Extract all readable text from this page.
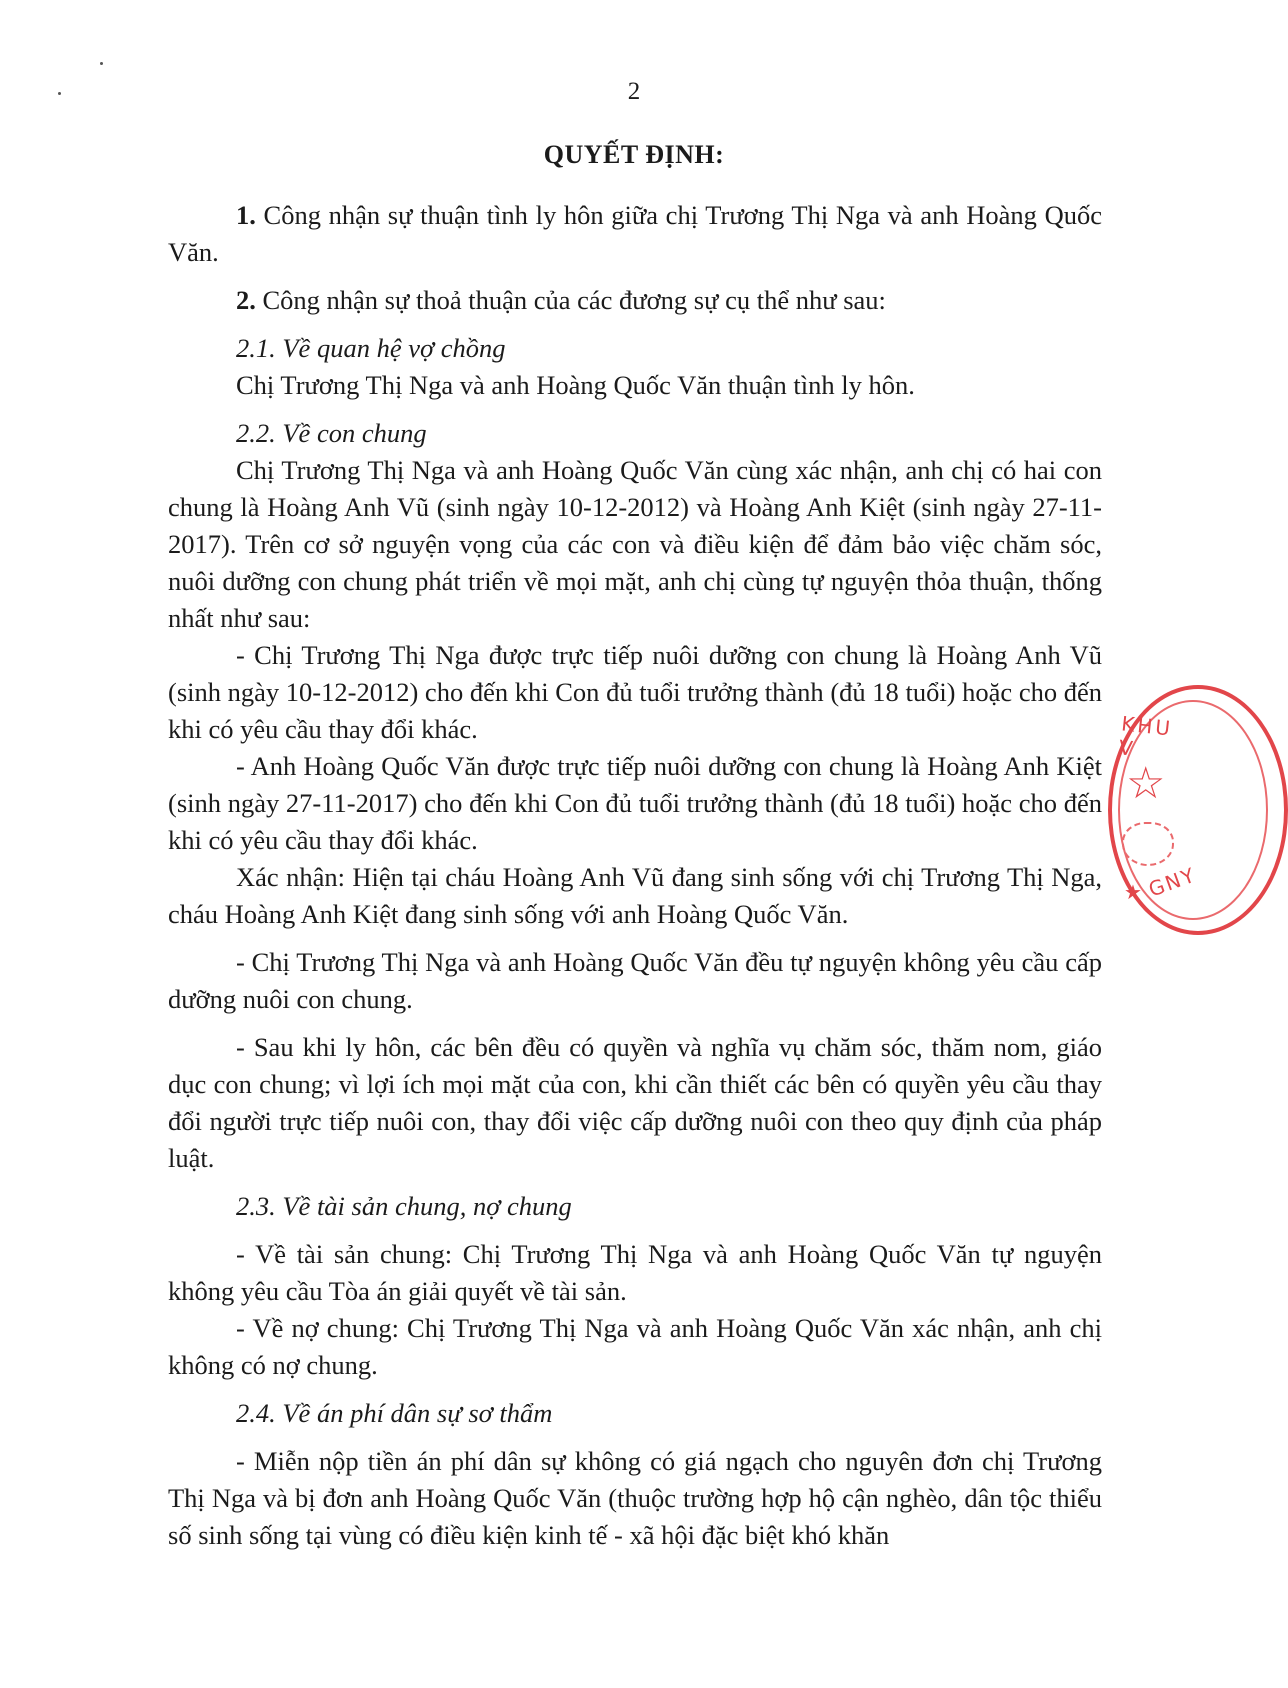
2
QUYẾT ĐỊNH:

1. Công nhận sự thuận tình ly hôn giữa chị Trương Thị Nga và anh Hoàng Quốc Văn.

2. Công nhận sự thoả thuận của các đương sự cụ thể như sau:

2.1. Về quan hệ vợ chồng

Chị Trương Thị Nga và anh Hoàng Quốc Văn thuận tình ly hôn.

2.2. Về con chung

Chị Trương Thị Nga và anh Hoàng Quốc Văn cùng xác nhận, anh chị có hai con chung là Hoàng Anh Vũ (sinh ngày 10-12-2012) và Hoàng Anh Kiệt (sinh ngày 27-11-2017). Trên cơ sở nguyện vọng của các con và điều kiện để đảm bảo việc chăm sóc, nuôi dưỡng con chung phát triển về mọi mặt, anh chị cùng tự nguyện thỏa thuận, thống nhất như sau:

- Chị Trương Thị Nga được trực tiếp nuôi dưỡng con chung là Hoàng Anh Vũ (sinh ngày 10-12-2012) cho đến khi Con đủ tuổi trưởng thành (đủ 18 tuổi) hoặc cho đến khi có yêu cầu thay đổi khác.

- Anh Hoàng Quốc Văn được trực tiếp nuôi dưỡng con chung là Hoàng Anh Kiệt (sinh ngày 27-11-2017) cho đến khi Con đủ tuổi trưởng thành (đủ 18 tuổi) hoặc cho đến khi có yêu cầu thay đổi khác.

Xác nhận: Hiện tại cháu Hoàng Anh Vũ đang sinh sống với chị Trương Thị Nga, cháu Hoàng Anh Kiệt đang sinh sống với anh Hoàng Quốc Văn.

- Chị Trương Thị Nga và anh Hoàng Quốc Văn đều tự nguyện không yêu cầu cấp dưỡng nuôi con chung.

- Sau khi ly hôn, các bên đều có quyền và nghĩa vụ chăm sóc, thăm nom, giáo dục con chung; vì lợi ích mọi mặt của con, khi cần thiết các bên có quyền yêu cầu thay đổi người trực tiếp nuôi con, thay đổi việc cấp dưỡng nuôi con theo quy định của pháp luật.

2.3. Về tài sản chung, nợ chung

- Về tài sản chung: Chị Trương Thị Nga và anh Hoàng Quốc Văn tự nguyện không yêu cầu Tòa án giải quyết về tài sản.

- Về nợ chung: Chị Trương Thị Nga và anh Hoàng Quốc Văn xác nhận, anh chị không có nợ chung.

2.4. Về án phí dân sự sơ thẩm

- Miễn nộp tiền án phí dân sự không có giá ngạch cho nguyên đơn chị Trương Thị Nga và bị đơn anh Hoàng Quốc Văn (thuộc trường hợp hộ cận nghèo, dân tộc thiểu số sinh sống tại vùng có điều kiện kinh tế - xã hội đặc biệt khó khăn

KHU V
☆
★ GNY
